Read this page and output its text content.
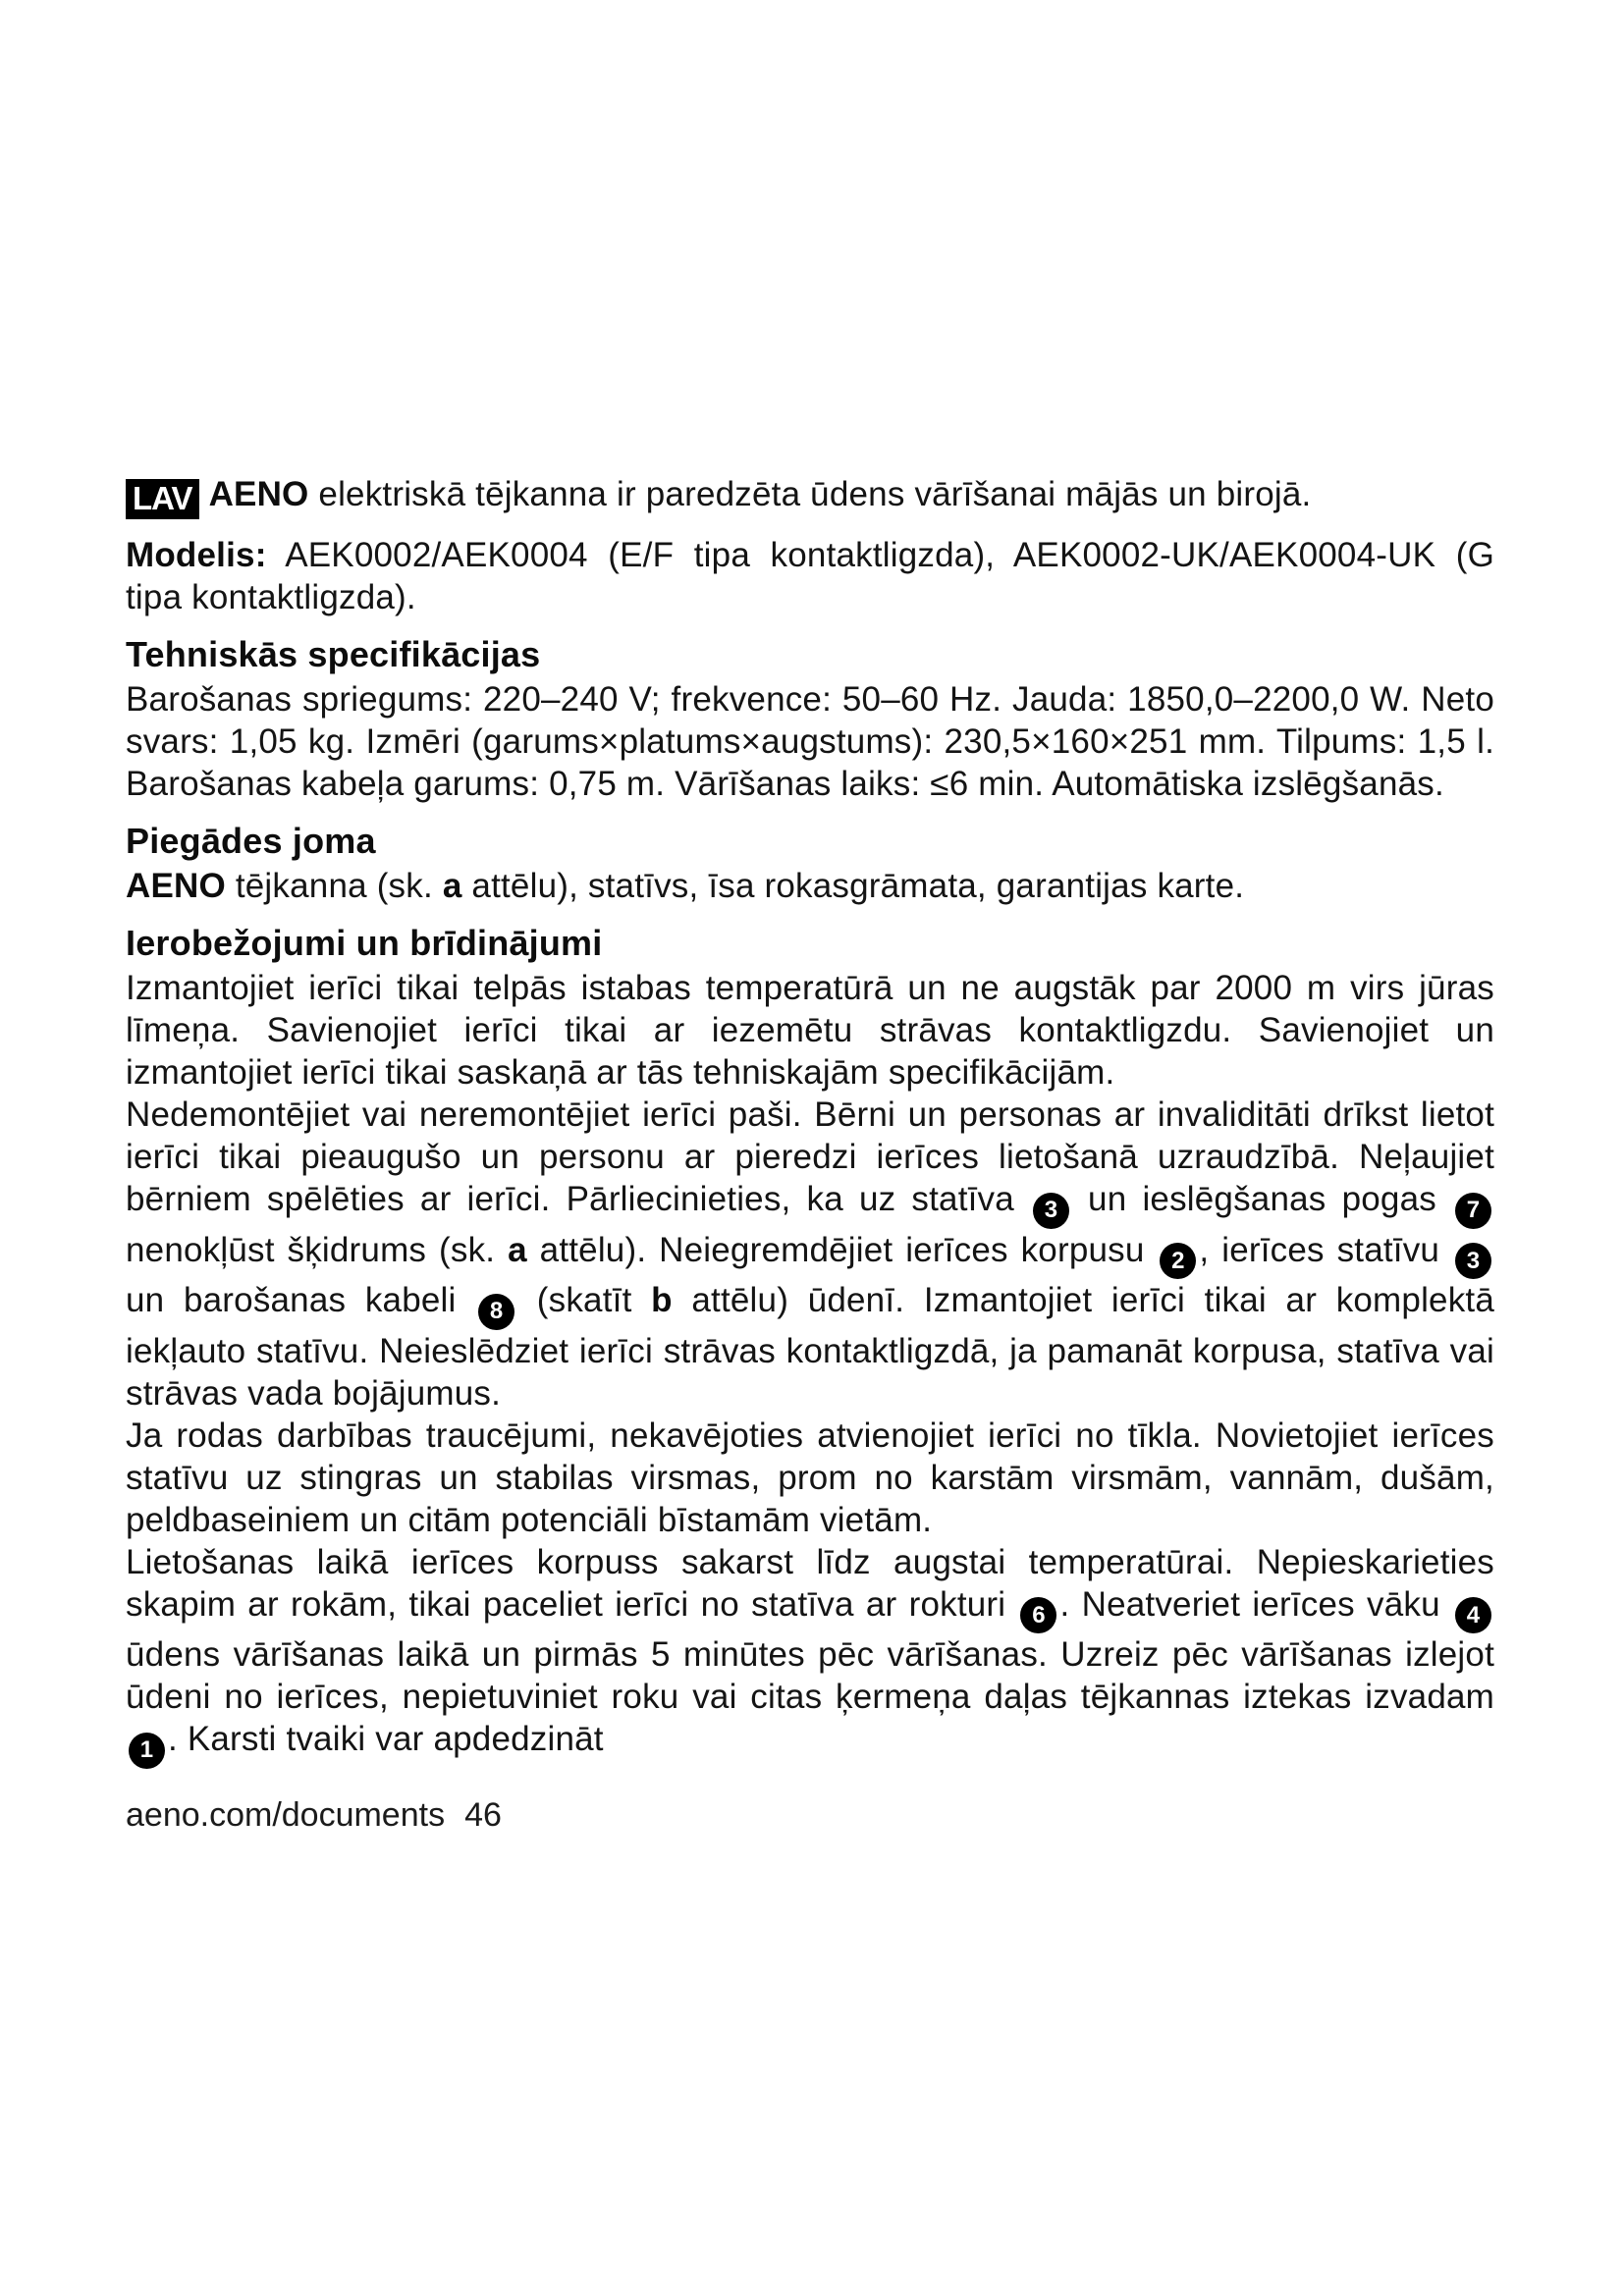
LAV AENO elektriskā tējkanna ir paredzēta ūdens vārīšanai mājās un birojā.

Modelis: AEK0002/AEK0004 (E/F tipa kontaktligzda), AEK0002-UK/AEK0004-UK (G tipa kontaktligzda).

Tehniskās specifikācijas

Barošanas spriegums: 220–240 V; frekvence: 50–60 Hz. Jauda: 1850,0–2200,0 W. Neto svars: 1,05 kg. Izmēri (garums×platums×augstums): 230,5×160×251 mm. Tilpums: 1,5 l. Barošanas kabeļa garums: 0,75 m. Vārīšanas laiks: ≤6 min. Automātiska izslēgšanās.

Piegādes joma

AENO tējkanna (sk. a attēlu), statīvs, īsa rokasgrāmata, garantijas karte.

Ierobežojumi un brīdinājumi

Izmantojiet ierīci tikai telpās istabas temperatūrā un ne augstāk par 2000 m virs jūras līmeņa. Savienojiet ierīci tikai ar iezemētu strāvas kontaktligzdu. Savienojiet un izmantojiet ierīci tikai saskaņā ar tās tehniskajām specifikācijām.

Nedemontējiet vai neremontējiet ierīci paši. Bērni un personas ar invaliditāti drīkst lietot ierīci tikai pieaugušo un personu ar pieredzi ierīces lietošanā uzraudzībā. Neļaujiet bērniem spēlēties ar ierīci. Pārliecinieties, ka uz statīva 3 un ieslēgšanas pogas 7 nenokļūst šķidrums (sk. a attēlu). Neiegremdējiet ierīces korpusu 2 , ierīces statīvu 3 un barošanas kabeli 8 (skatīt b attēlu) ūdenī. Izmantojiet ierīci tikai ar komplektā iekļauto statīvu. Neieslēdziet ierīci strāvas kontaktligzdā, ja pamanāt korpusa, statīva vai strāvas vada bojājumus.

Ja rodas darbības traucējumi, nekavējoties atvienojiet ierīci no tīkla. Novietojiet ierīces statīvu uz stingras un stabilas virsmas, prom no karstām virsmām, vannām, dušām, peldbaseiniem un citām potenciāli bīstamām vietām.

Lietošanas laikā ierīces korpuss sakarst līdz augstai temperatūrai. Nepieskarieties skapim ar rokām, tikai paceliet ierīci no statīva ar rokturi 6 . Neatveriet ierīces vāku 4 ūdens vārīšanas laikā un pirmās 5 minūtes pēc vārīšanas. Uzreiz pēc vārīšanas izlejot ūdeni no ierīces, nepietuviniet roku vai citas ķermeņa daļas tējkannas iztekas izvadam 1 . Karsti tvaiki var apdedzināt

aeno.com/documents 46
